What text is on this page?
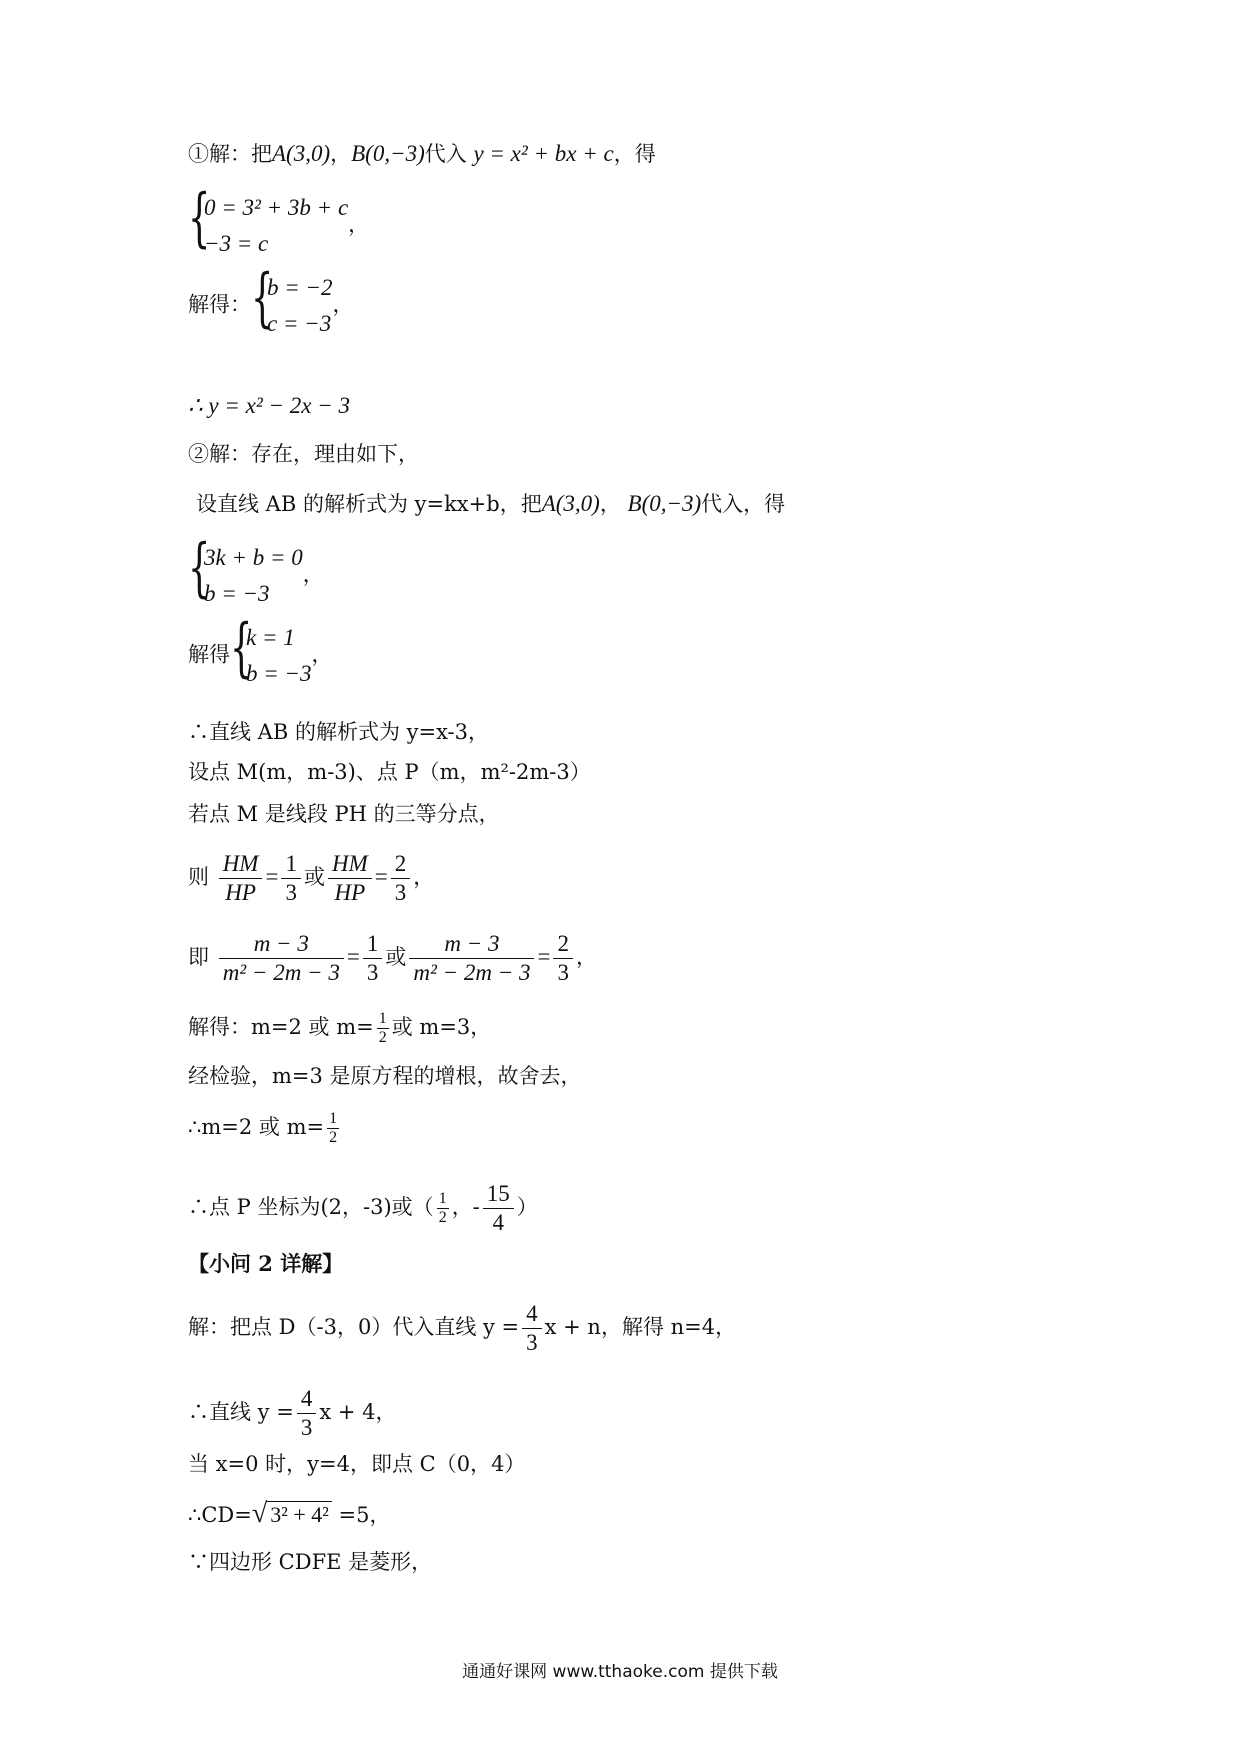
①解：把A(3,0)，B(0,−3)代入 y = x² + bx + c，得
{
0 = 3² + 3b + c
−3 = c
，
解得： {
b = −2
c = −3
，
∴ y = x² − 2x − 3
②解：存在，理由如下，
设直线 AB 的解析式为 y=kx+b，把A(3,0)， B(0,−3)代入，得
{
3k + b = 0
b = −3
，
解得 {
k = 1
b = −3
，
∴直线 AB 的解析式为 y=x-3，
设点 M(m，m-3)、点 P（m，m²-2m-3）
若点 M 是线段 PH 的三等分点，
则 $\frac{HM}{HP} = \frac{1}{3}$ 或 $\frac{HM}{HP} = \frac{2}{3}$ ，
即 $\frac{m - 3}{\text{m² − 2m − 3}} = \frac{1}{3}$ 或 $\frac{m - 3}{\text{m² − 2m − 3}} = \frac{2}{3}$ ，
解得：m=2 或 $m= \frac{1}{2}$ 或 m=3，
经检验，m=3 是原方程的增根，故舍去，
∴m=2 或 $m= \frac{1}{2}$
∴点 P 坐标为(2，-3)或（ $\frac{1}{2}$ ，- $\frac{15}{4}$ ）
【小问 2 详解】
解：把点 D（-3，0）代入直线 $y = \frac{4}{3}$ x + n，解得 n=4，
∴直线 $y = \frac{4}{3}$ x + 4，
当 x=0 时，y=4，即点 C（0，4）
∴CD=√ 3² + 4² =5，
∵四边形 CDFE 是菱形，
通通好课网 www.tthaoke.com 提供下载
